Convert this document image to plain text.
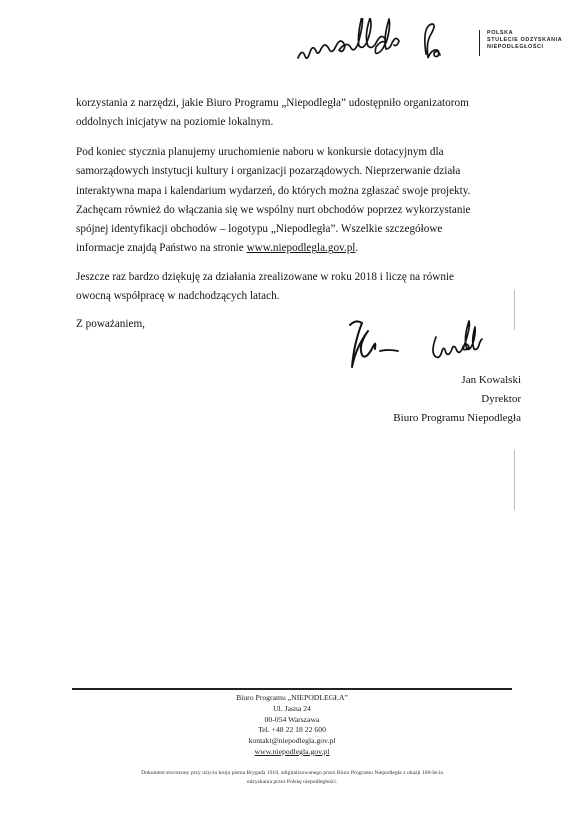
POLSKA
STULECIE ODZYSKANIA
NIEPODLEGŁOŚCI
korzystania z narzędzi, jakie Biuro Programu „Niepodległa” udostępniło organizatorom
oddolnych inicjatyw na poziomie lokalnym.
Pod koniec stycznia planujemy uruchomienie naboru w konkursie dotacyjnym dla
samorządowych instytucji kultury i organizacji pozarządowych. Nieprzerwanie działa
interaktywna mapa i kalendarium wydarzeń, do których można zgłaszać swoje projekty.
Zachęcam również do włączania się we wspólny nurt obchodów poprzez wykorzystanie
spójnej identyfikacji obchodów – logotypu „Niepodległa”. Wszelkie szczegółowe
informacje znajdą Państwo na stronie www.niepodlegla.gov.pl.
Jeszcze raz bardzo dziękuję za działania zrealizowane w roku 2018 i liczę na równie
owocną współpracę w nadchodzących latach.
Z poważaniem,
Jan Kowalski
Dyrektor
Biuro Programu Niepodległa
Biuro Programu „NIEPODLEGŁA”
Ul. Jasna 24
00-054 Warszawa
Tel. +48 22 18 22 600
kontakt@niepodlegla.gov.pl
www.niepodlegla.gov.pl
Dokument stworzony przy użyciu kroju pisma Brygada 1918, zdigitalizowanego przez Biuro Programu Niepodległa z okazji 100-lecia
odzyskania przez Polskę niepodległości.
